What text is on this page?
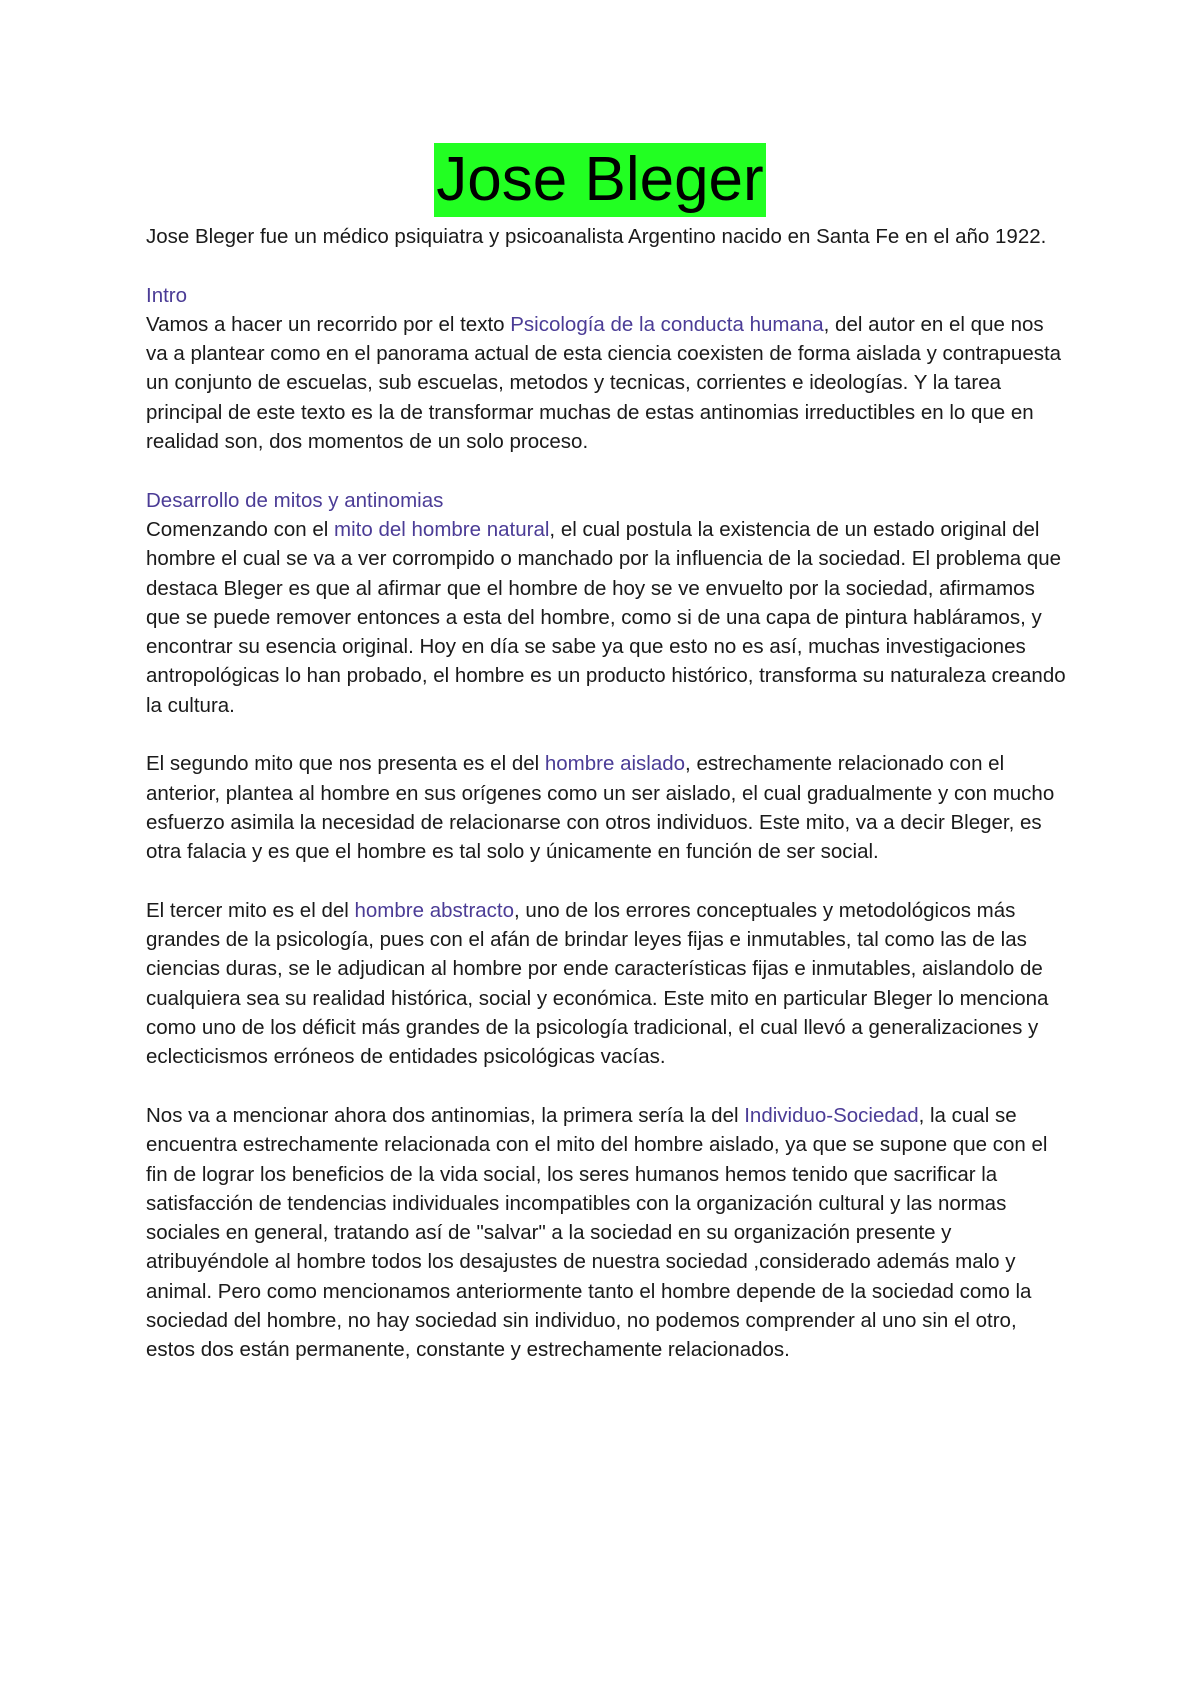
Jose Bleger

Jose Bleger fue un médico psiquiatra y psicoanalista Argentino nacido en Santa Fe en el año 1922.

Intro

Vamos a hacer un recorrido por el texto Psicología de la conducta humana, del autor en el que nos va a plantear como en el panorama actual de esta ciencia coexisten de forma aislada y contrapuesta un conjunto de escuelas, sub escuelas, metodos y tecnicas, corrientes e ideologías. Y la tarea principal de este texto es la de transformar muchas de estas antinomias irreductibles en lo que en realidad son, dos momentos de un solo proceso.

Desarrollo de mitos y antinomias

Comenzando con el mito del hombre natural, el cual postula la existencia de un estado original del hombre el cual se va a ver corrompido o manchado por la influencia de la sociedad. El problema que destaca Bleger es que al afirmar que el hombre de hoy se ve envuelto por la sociedad, afirmamos que se puede remover entonces a esta del hombre, como si de una capa de pintura habláramos, y encontrar su esencia original. Hoy en día se sabe ya que esto no es así, muchas investigaciones antropológicas lo han probado, el hombre es un producto histórico, transforma su naturaleza creando la cultura.

El segundo mito que nos presenta es el del hombre aislado, estrechamente relacionado con el anterior, plantea al hombre en sus orígenes como un ser aislado, el cual gradualmente y con mucho esfuerzo asimila la necesidad de relacionarse con otros individuos. Este mito, va a decir Bleger, es otra falacia y es que el hombre es tal solo y únicamente en función de ser social.

El tercer mito es el del hombre abstracto, uno de los errores conceptuales y metodológicos más grandes de la psicología, pues con el afán de brindar leyes fijas e inmutables, tal como las de las ciencias duras, se le adjudican al hombre por ende características fijas e inmutables, aislandolo de cualquiera sea su realidad histórica, social y económica. Este mito en particular Bleger lo menciona como uno de los déficit más grandes de la psicología tradicional, el cual llevó a generalizaciones y eclecticismos erróneos de entidades psicológicas vacías.

Nos va a mencionar ahora dos antinomias, la primera sería la del Individuo-Sociedad, la cual se encuentra estrechamente relacionada con el mito del hombre aislado, ya que se supone que con el fin de lograr los beneficios de la vida social, los seres humanos hemos tenido que sacrificar la satisfacción de tendencias individuales incompatibles con la organización cultural y las normas sociales en general, tratando así de "salvar" a la sociedad en su organización presente y atribuyéndole al hombre todos los desajustes de nuestra sociedad ,considerado además malo y animal. Pero como mencionamos anteriormente tanto el hombre depende de la sociedad como la sociedad del hombre, no hay sociedad sin individuo, no podemos comprender al uno sin el otro, estos dos están permanente, constante y estrechamente relacionados.
